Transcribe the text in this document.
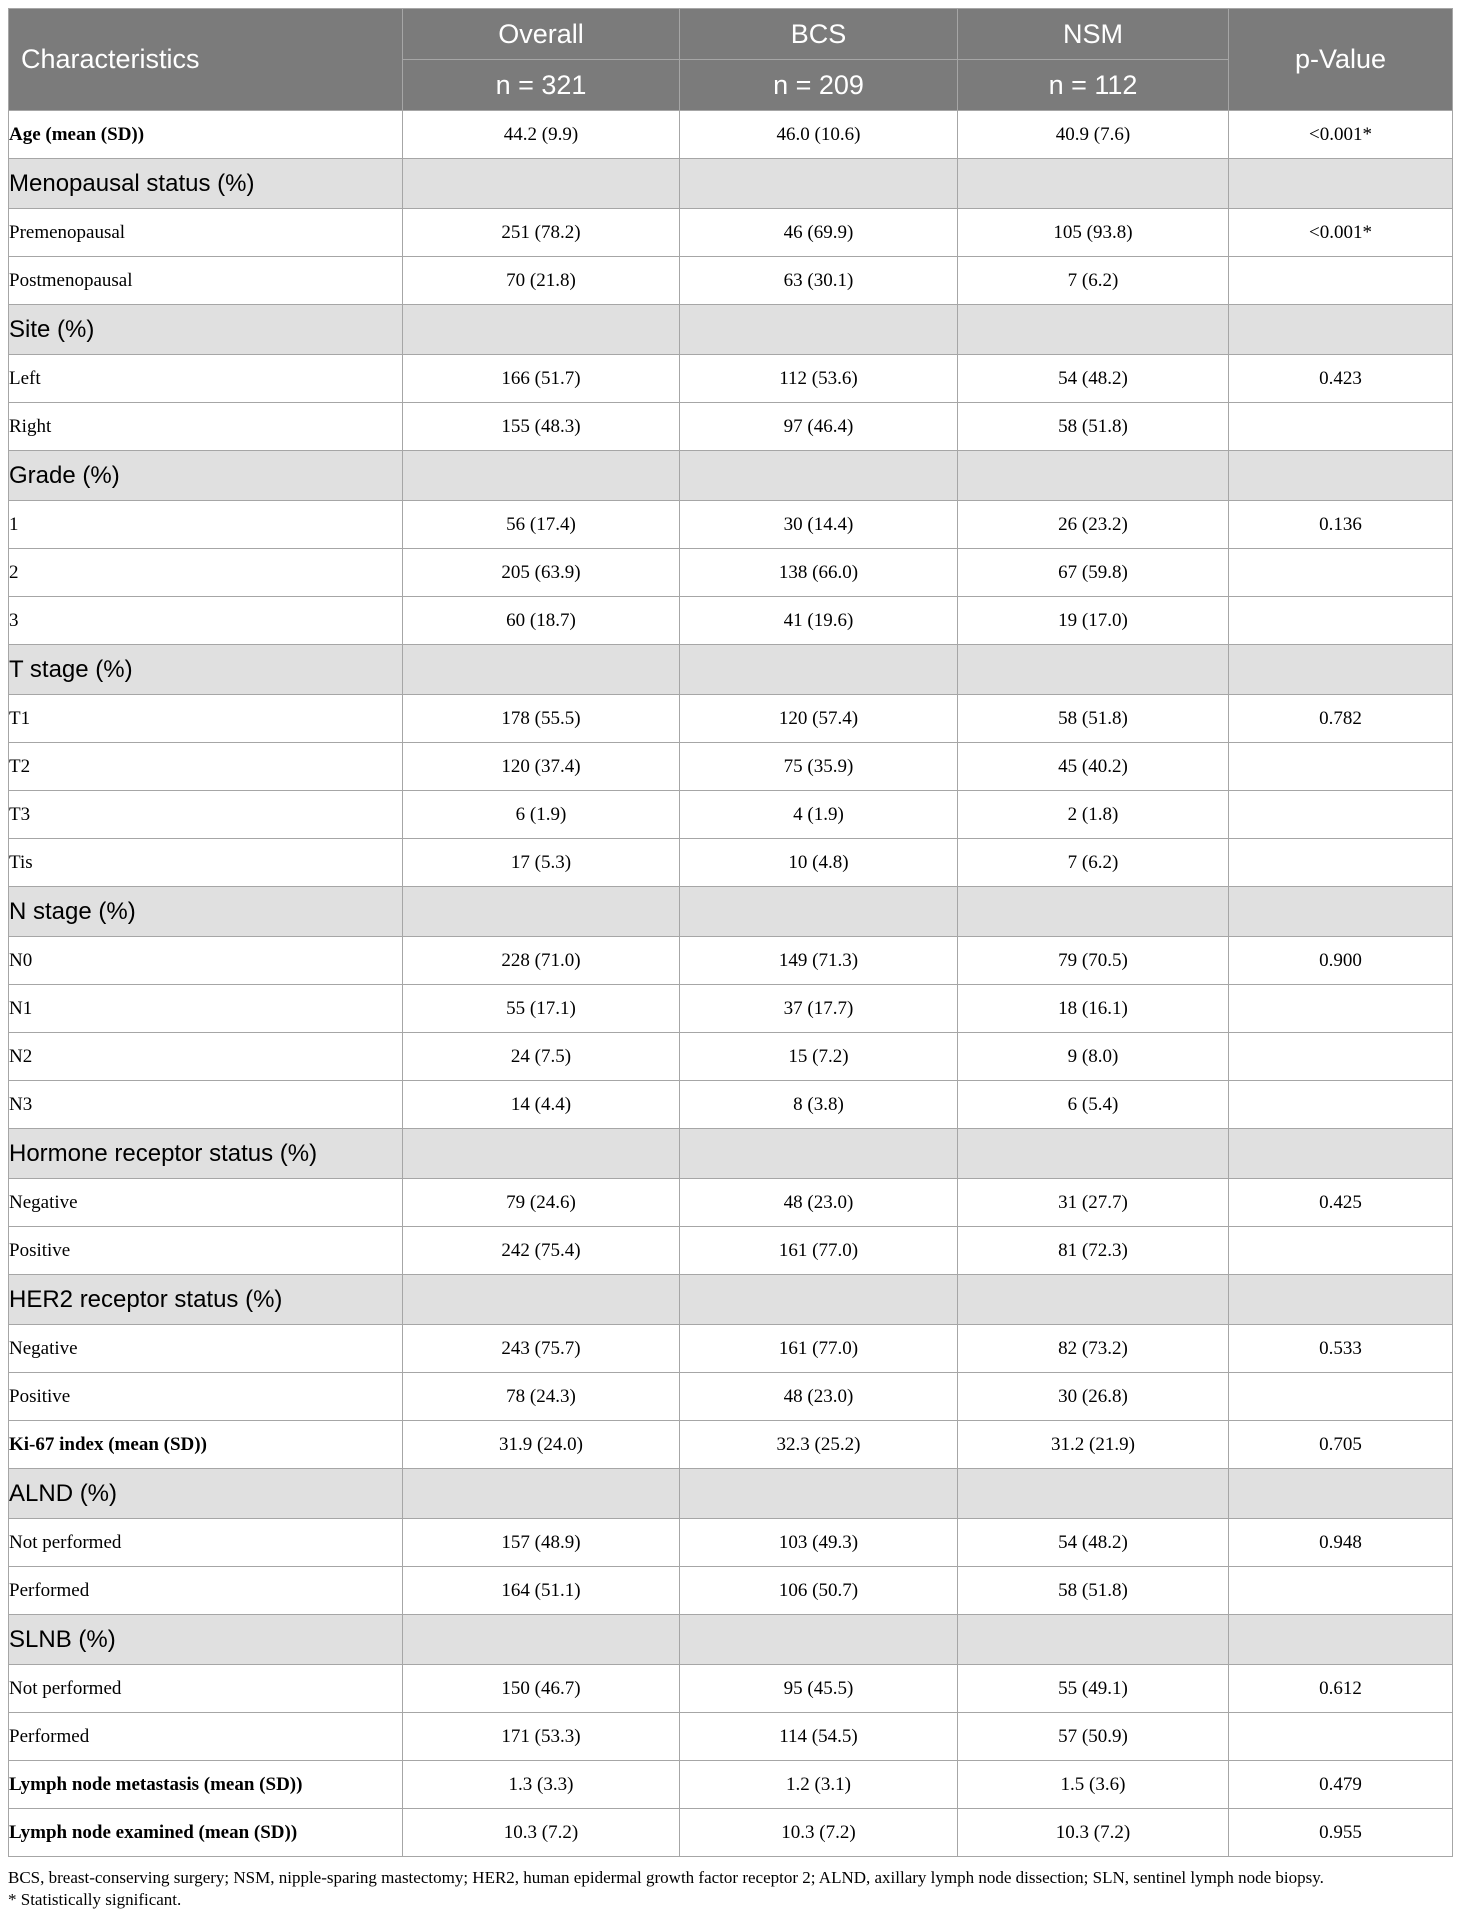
Characteristics	Overall	BCS	NSM	p-Value
	n = 321	n = 209	n = 112	
Age (mean (SD))	44.2 (9.9)	46.0 (10.6)	40.9 (7.6)	<0.001*
Menopausal status (%)				
Premenopausal	251 (78.2)	46 (69.9)	105 (93.8)	<0.001*
Postmenopausal	70 (21.8)	63 (30.1)	7 (6.2)	
Site (%)				
Left	166 (51.7)	112 (53.6)	54 (48.2)	0.423
Right	155 (48.3)	97 (46.4)	58 (51.8)	
Grade (%)				
1	56 (17.4)	30 (14.4)	26 (23.2)	0.136
2	205 (63.9)	138 (66.0)	67 (59.8)	
3	60 (18.7)	41 (19.6)	19 (17.0)	
T stage (%)				
T1	178 (55.5)	120 (57.4)	58 (51.8)	0.782
T2	120 (37.4)	75 (35.9)	45 (40.2)	
T3	6 (1.9)	4 (1.9)	2 (1.8)	
Tis	17 (5.3)	10 (4.8)	7 (6.2)	
N stage (%)				
N0	228 (71.0)	149 (71.3)	79 (70.5)	0.900
N1	55 (17.1)	37 (17.7)	18 (16.1)	
N2	24 (7.5)	15 (7.2)	9 (8.0)	
N3	14 (4.4)	8 (3.8)	6 (5.4)	
Hormone receptor status (%)				
Negative	79 (24.6)	48 (23.0)	31 (27.7)	0.425
Positive	242 (75.4)	161 (77.0)	81 (72.3)	
HER2 receptor status (%)				
Negative	243 (75.7)	161 (77.0)	82 (73.2)	0.533
Positive	78 (24.3)	48 (23.0)	30 (26.8)	
Ki-67 index (mean (SD))	31.9 (24.0)	32.3 (25.2)	31.2 (21.9)	0.705
ALND (%)				
Not performed	157 (48.9)	103 (49.3)	54 (48.2)	0.948
Performed	164 (51.1)	106 (50.7)	58 (51.8)	
SLNB (%)				
Not performed	150 (46.7)	95 (45.5)	55 (49.1)	0.612
Performed	171 (53.3)	114 (54.5)	57 (50.9)	
Lymph node metastasis (mean (SD))	1.3 (3.3)	1.2 (3.1)	1.5 (3.6)	0.479
Lymph node examined (mean (SD))	10.3 (7.2)	10.3 (7.2)	10.3 (7.2)	0.955
BCS, breast-conserving surgery; NSM, nipple-sparing mastectomy; HER2, human epidermal growth factor receptor 2; ALND, axillary lymph node dissection; SLN, sentinel lymph node biopsy.
* Statistically significant.
